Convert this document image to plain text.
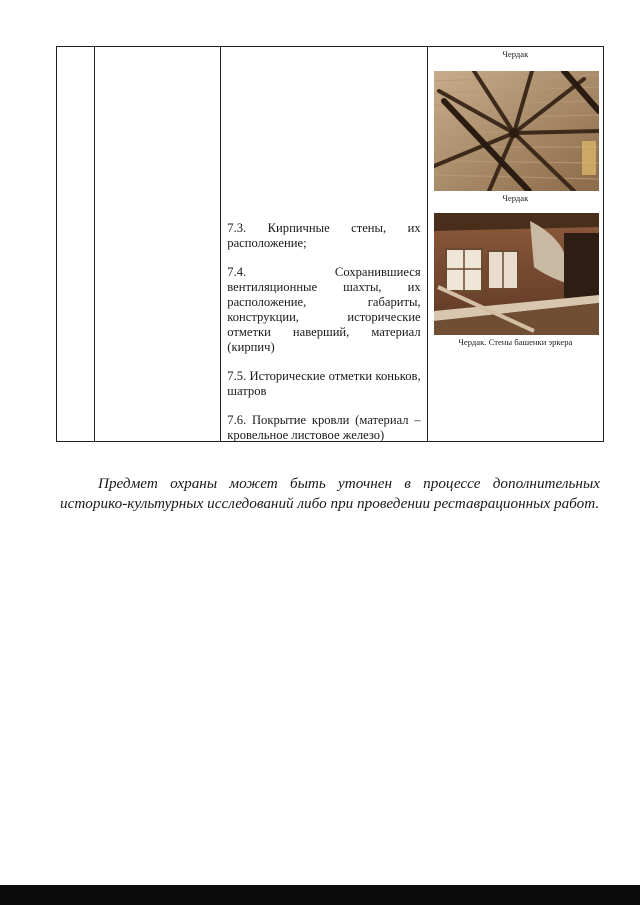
7.3. Кирпичные стены, их расположение;

7.4. Сохранившиеся вентиляционные шахты, их расположение, габариты, конструкции, исторические отметки наверший, материал (кирпич)

7.5. Исторические отметки коньков, шатров

7.6. Покрытие кровли (материал – кровельное листовое железо)

Чердак
Чердак
Чердак. Стены башенки эркера

Предмет охраны может быть уточнен в процессе дополнительных историко-культурных исследований либо при проведении реставрационных работ.
